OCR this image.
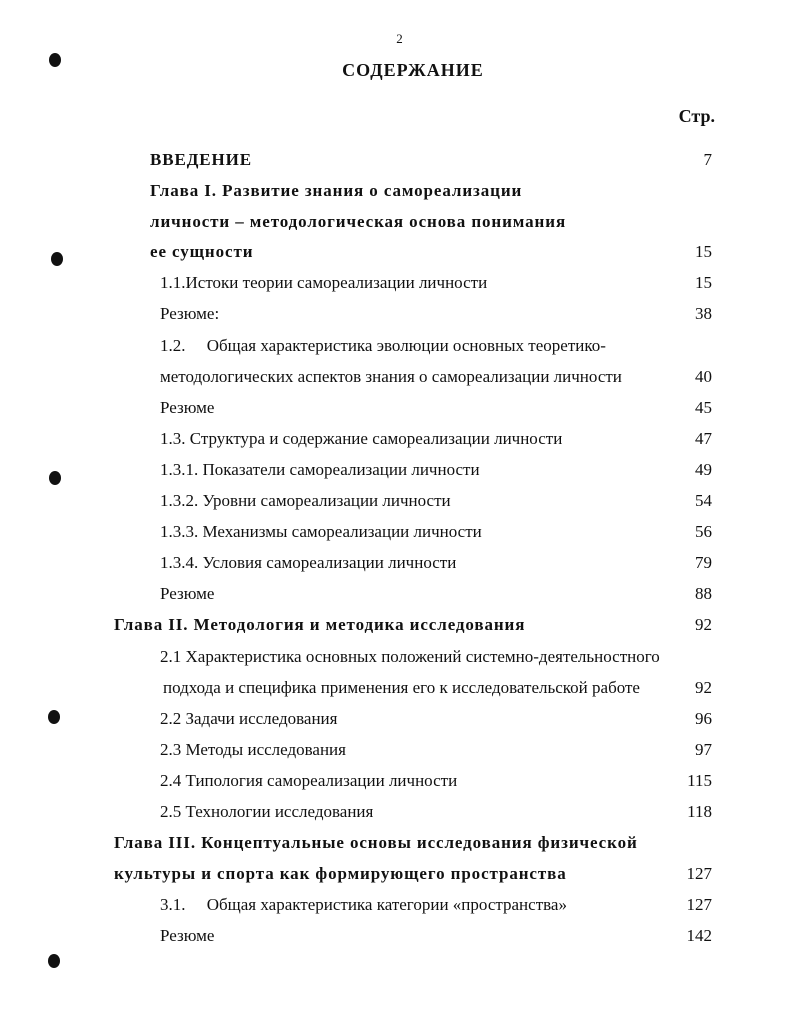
2
СОДЕРЖАНИЕ
Стр.
ВВЕДЕНИЕ	7
Глава I. Развитие знания о самореализации
личности – методологическая основа понимания
ее сущности	15
1.1.Истоки теории самореализации личности	15
Резюме:	38
1.2.     Общая характеристика эволюции основных теоретико-
методологических аспектов знания о самореализации личности	40
Резюме	45
1.3. Структура и содержание самореализации личности	47
1.3.1. Показатели самореализации личности	49
1.3.2. Уровни самореализации личности	54
1.3.3. Механизмы самореализации личности	56
1.3.4. Условия самореализации личности	79
Резюме	88
Глава II. Методология и методика исследования	92
2.1 Характеристика основных положений системно-деятельностного
подхода и специфика применения его к исследовательской работе	92
2.2 Задачи исследования	96
2.3 Методы исследования	97
2.4 Типология самореализации личности	115
2.5 Технологии исследования	118
Глава III. Концептуальные основы исследования физической
культуры и спорта как формирующего пространства	127
3.1.     Общая характеристика категории «пространства»	127
Резюме	142
